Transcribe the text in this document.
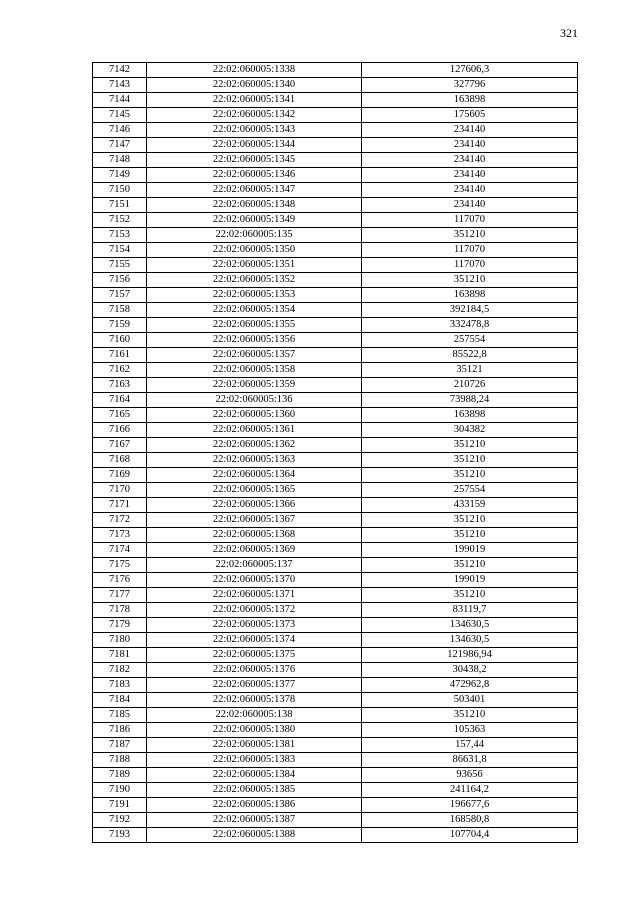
321
7142	22:02:060005:1338	127606,3
7143	22:02:060005:1340	327796
7144	22:02:060005:1341	163898
7145	22:02:060005:1342	175605
7146	22:02:060005:1343	234140
7147	22:02:060005:1344	234140
7148	22:02:060005:1345	234140
7149	22:02:060005:1346	234140
7150	22:02:060005:1347	234140
7151	22:02:060005:1348	234140
7152	22:02:060005:1349	117070
7153	22:02:060005:135	351210
7154	22:02:060005:1350	117070
7155	22:02:060005:1351	117070
7156	22:02:060005:1352	351210
7157	22:02:060005:1353	163898
7158	22:02:060005:1354	392184,5
7159	22:02:060005:1355	332478,8
7160	22:02:060005:1356	257554
7161	22:02:060005:1357	85522,8
7162	22:02:060005:1358	35121
7163	22:02:060005:1359	210726
7164	22:02:060005:136	73988,24
7165	22:02:060005:1360	163898
7166	22:02:060005:1361	304382
7167	22:02:060005:1362	351210
7168	22:02:060005:1363	351210
7169	22:02:060005:1364	351210
7170	22:02:060005:1365	257554
7171	22:02:060005:1366	433159
7172	22:02:060005:1367	351210
7173	22:02:060005:1368	351210
7174	22:02:060005:1369	199019
7175	22:02:060005:137	351210
7176	22:02:060005:1370	199019
7177	22:02:060005:1371	351210
7178	22:02:060005:1372	83119,7
7179	22:02:060005:1373	134630,5
7180	22:02:060005:1374	134630,5
7181	22:02:060005:1375	121986,94
7182	22:02:060005:1376	30438,2
7183	22:02:060005:1377	472962,8
7184	22:02:060005:1378	503401
7185	22:02:060005:138	351210
7186	22:02:060005:1380	105363
7187	22:02:060005:1381	157,44
7188	22:02:060005:1383	86631,8
7189	22:02:060005:1384	93656
7190	22:02:060005:1385	241164,2
7191	22:02:060005:1386	196677,6
7192	22:02:060005:1387	168580,8
7193	22:02:060005:1388	107704,4
